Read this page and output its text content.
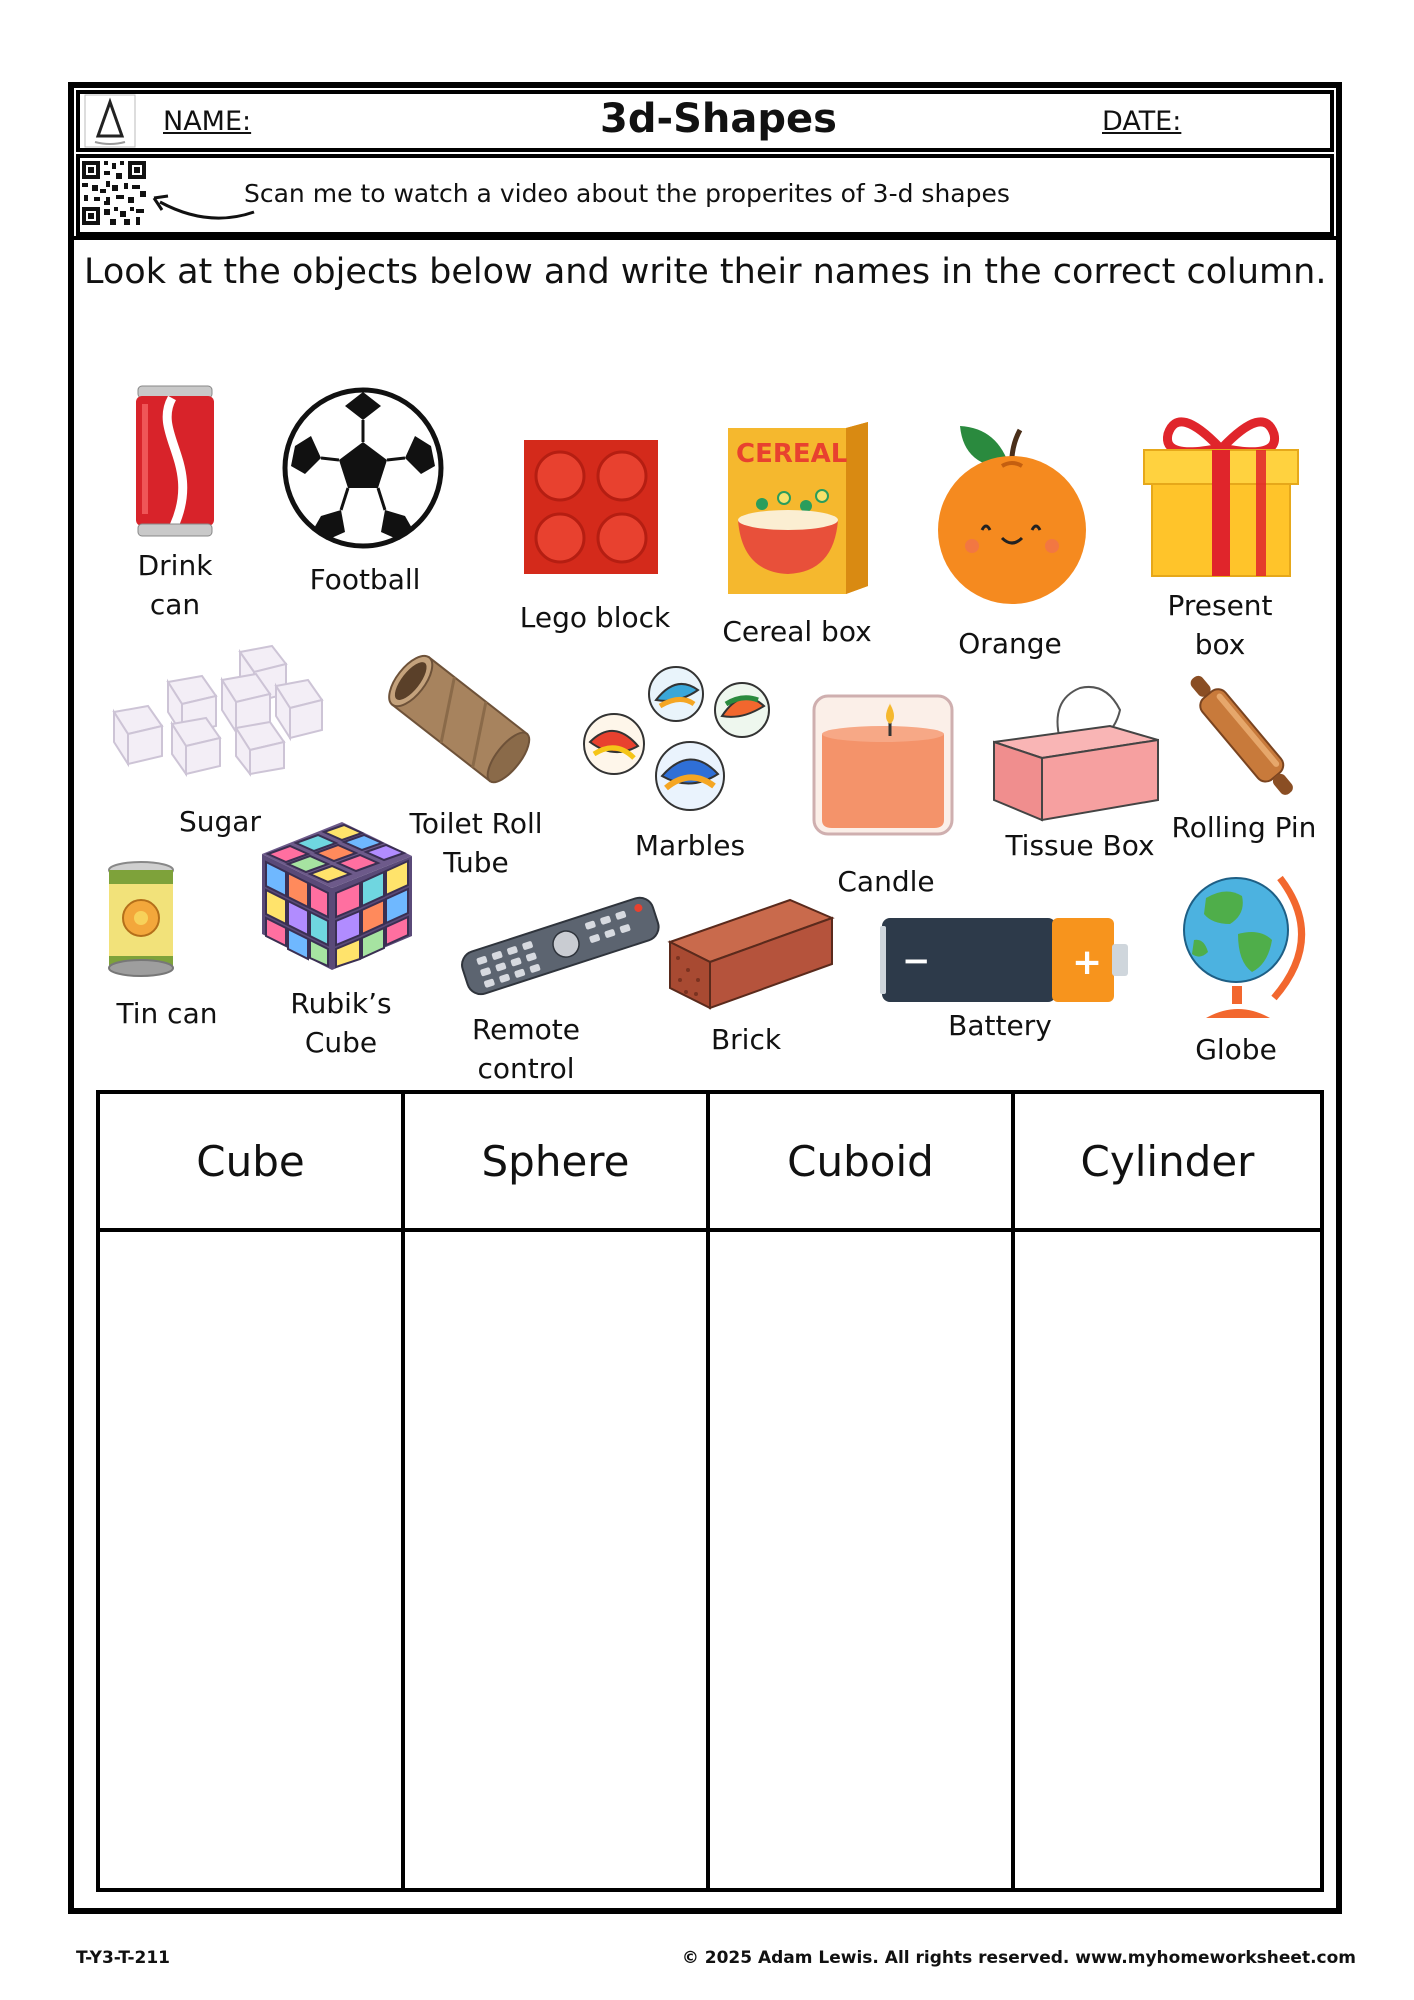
NAME:	3d-Shapes	DATE:
Scan me to watch a video about the properites of 3-d shapes
Look at the objects below and write their names in the correct column.
Drink
can
Football
Lego block
CEREAL
Cereal box	Orange
Present
box
Sugar	Toilet Roll
Tube
Marbles
Candle
Tissue Box
Rolling Pin
Tin can	Rubik’s
Cube	Remote
control
Brick
−	+
Battery
Globe
Cube	Sphere	Cuboid	Cylinder
T-Y3-T-211	© 2025 Adam Lewis. All rights reserved. www.myhomeworksheet.com
